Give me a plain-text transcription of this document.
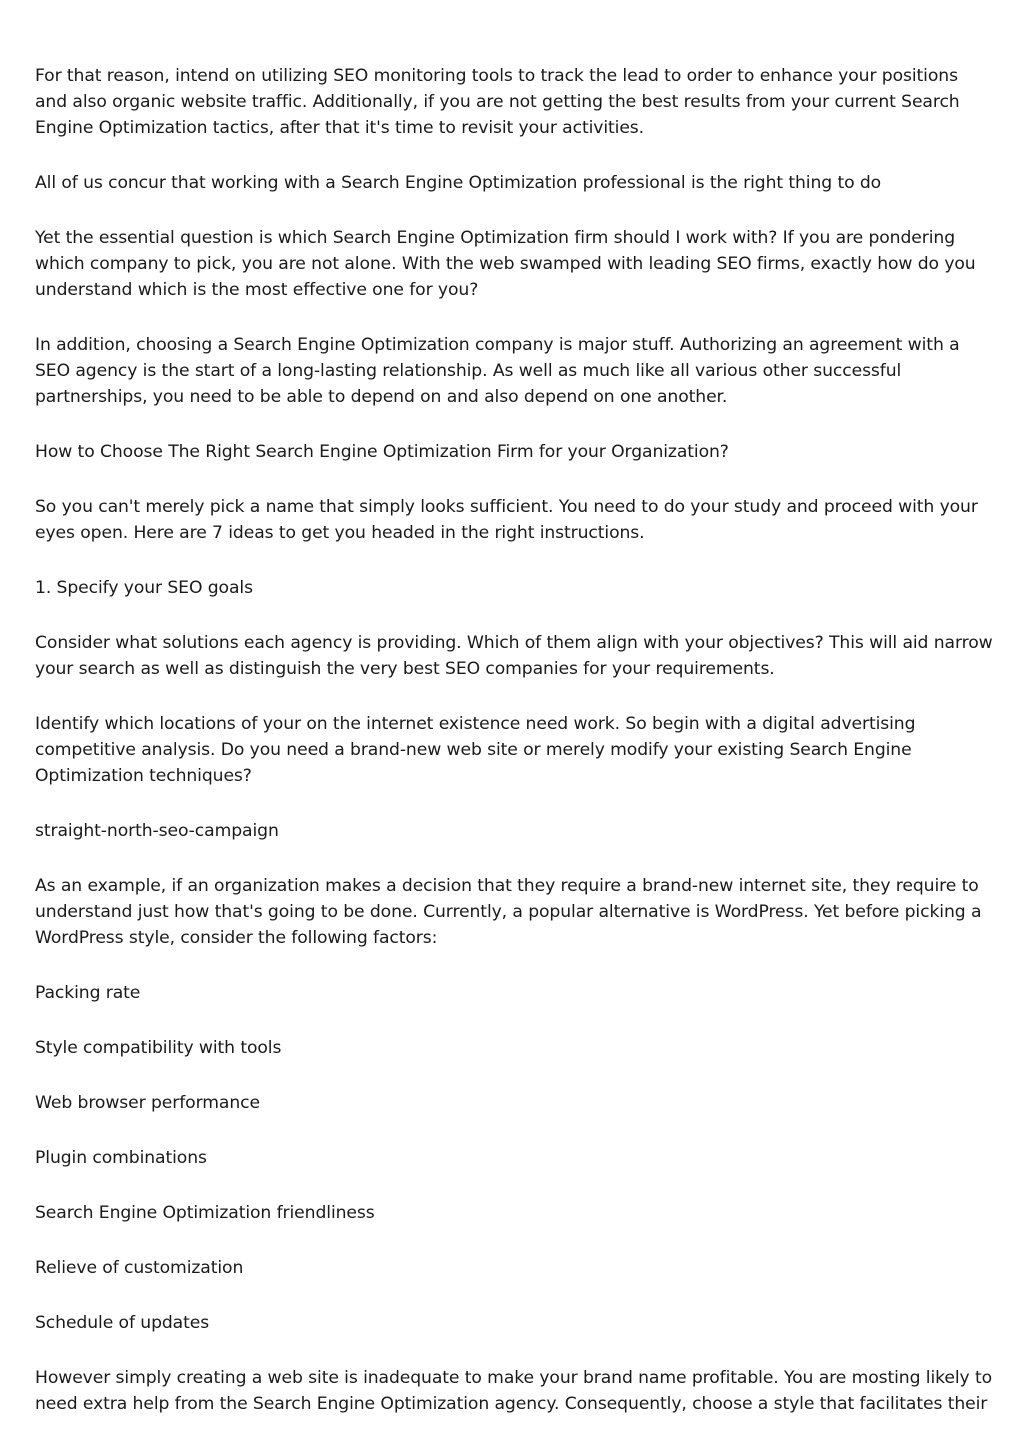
For that reason, intend on utilizing SEO monitoring tools to track the lead to order to enhance your positions and also organic website traffic. Additionally, if you are not getting the best results from your current Search Engine Optimization tactics, after that it's time to revisit your activities.

All of us concur that working with a Search Engine Optimization professional is the right thing to do

Yet the essential question is which Search Engine Optimization firm should I work with? If you are pondering which company to pick, you are not alone. With the web swamped with leading SEO firms, exactly how do you understand which is the most effective one for you?

In addition, choosing a Search Engine Optimization company is major stuff. Authorizing an agreement with a SEO agency is the start of a long-lasting relationship. As well as much like all various other successful partnerships, you need to be able to depend on and also depend on one another.

How to Choose The Right Search Engine Optimization Firm for your Organization?

So you can't merely pick a name that simply looks sufficient. You need to do your study and proceed with your eyes open. Here are 7 ideas to get you headed in the right instructions.

1. Specify your SEO goals

Consider what solutions each agency is providing. Which of them align with your objectives? This will aid narrow your search as well as distinguish the very best SEO companies for your requirements.

Identify which locations of your on the internet existence need work. So begin with a digital advertising competitive analysis. Do you need a brand-new web site or merely modify your existing Search Engine Optimization techniques?

straight-north-seo-campaign

As an example, if an organization makes a decision that they require a brand-new internet site, they require to understand just how that's going to be done. Currently, a popular alternative is WordPress. Yet before picking a WordPress style, consider the following factors:

Packing rate

Style compatibility with tools

Web browser performance

Plugin combinations

Search Engine Optimization friendliness

Relieve of customization

Schedule of updates

However simply creating a web site is inadequate to make your brand name profitable. You are mosting likely to need extra help from the Search Engine Optimization agency. Consequently, choose a style that facilitates their
